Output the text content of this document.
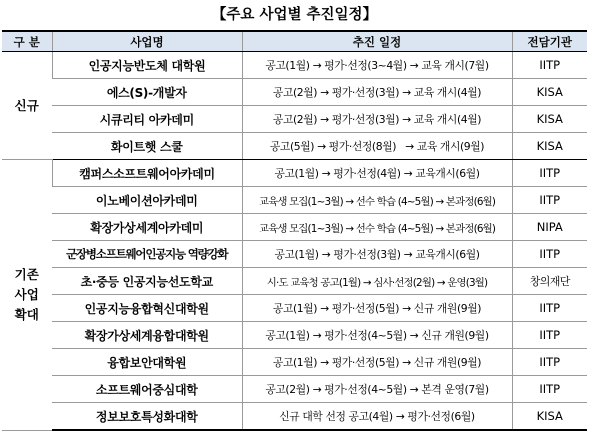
【주요 사업별 추진일정】
구 분	사업명	추진 일정	전담기관
신규	인공지능반도체 대학원	공고(1월) → 평가·선정(3~4월) → 교육 개시(7월)	IITP
	에스(S)-개발자	공고(2월) → 평가·선정(3월) → 교육 개시(4월)	KISA
	시큐리티 아카데미	공고(2월) → 평가·선정(3월) → 교육 개시(4월)	KISA
	화이트햇 스쿨	공고(5월) → 평가·선정(8월)   → 교육 개시(9월)	KISA
기존
사업
확대	캠퍼스소프트웨어아카데미	공고(1월) → 평가·선정(4월) → 교육개시(6월)	IITP
	이노베이션아카데미	교육생 모집(1~3월) → 선수 학습 (4~5월) → 본과정(6월)	IITP
	확장가상세계아카데미	교육생 모집(1~3월) → 선수 학습 (4~5월) → 본과정(6월)	NIPA
	군장병소프트웨어인공지능 역량강화	공고(1월) → 평가·선정(3월) → 교육개시(6월)	IITP
	초·중등 인공지능선도학교	시·도 교육청 공고(1월) → 심사·선정(2월) → 운영(3월)	창의재단
	인공지능융합혁신대학원	공고(1월) → 평가·선정(5월) → 신규 개원(9월)	IITP
	확장가상세계융합대학원	공고(1월) → 평가·선정(4~5월) → 신규 개원(9월)	IITP
	융합보안대학원	공고(1월) → 평가·선정(5월) → 신규 개원(9월)	IITP
	소프트웨어중심대학	공고(2월) → 평가·선정(4~5월) → 본격 운영(7월)	IITP
	정보보호특성화대학	신규 대학 선정 공고(4월) → 평가·선정(6월)	KISA
